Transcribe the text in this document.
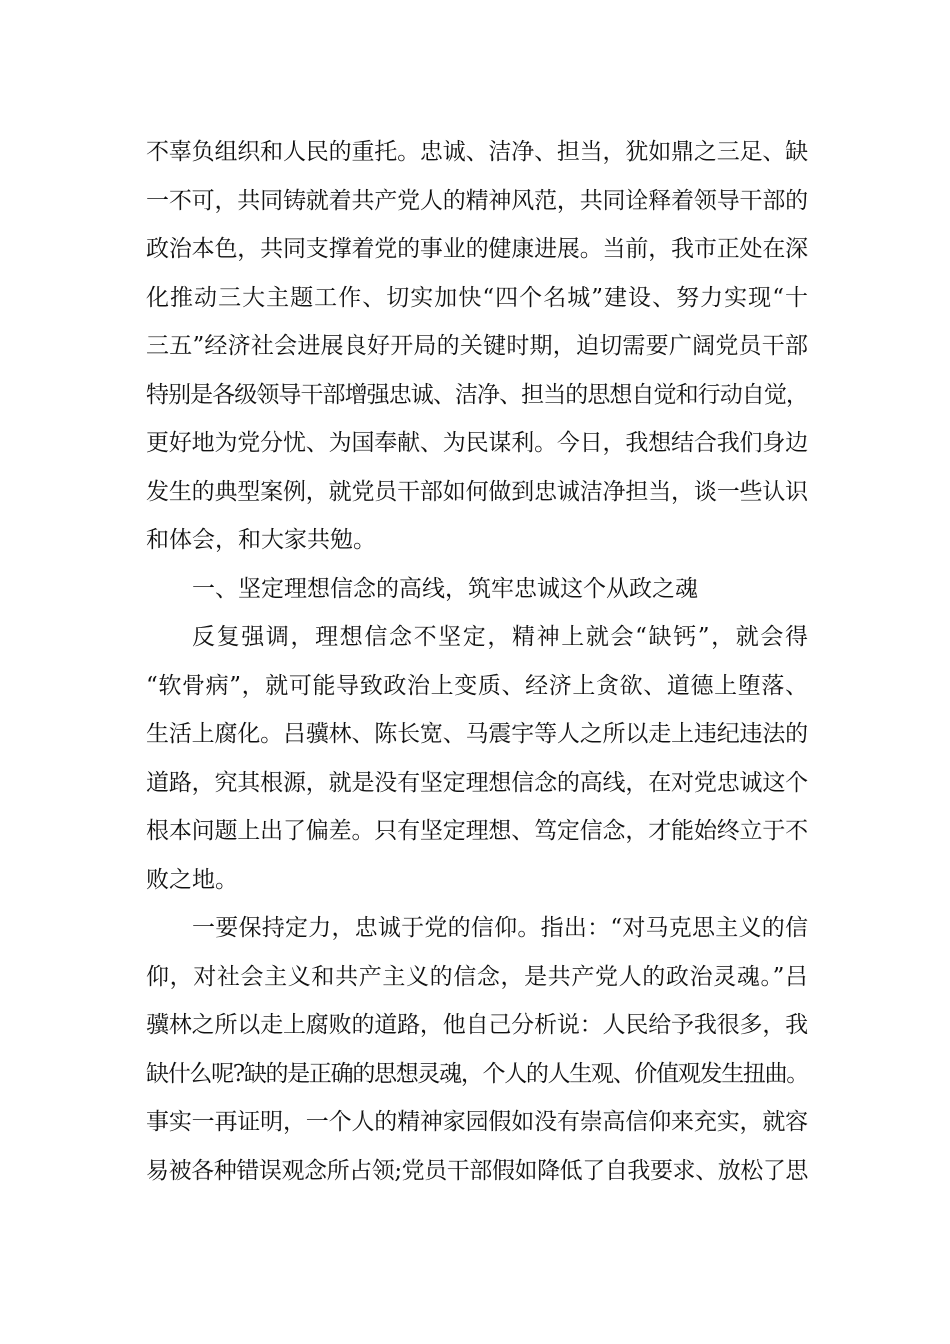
不辜负组织和人民的重托。忠诚、洁净、担当，犹如鼎之三足、缺
一不可，共同铸就着共产党人的精神风范，共同诠释着领导干部的
政治本色，共同支撑着党的事业的健康进展。当前，我市正处在深
化推动三大主题工作、切实加快“四个名城”建设、努力实现“十
三五”经济社会进展良好开局的关键时期，迫切需要广阔党员干部
特别是各级领导干部增强忠诚、洁净、担当的思想自觉和行动自觉，
更好地为党分忧、为国奉献、为民谋利。今日，我想结合我们身边
发生的典型案例，就党员干部如何做到忠诚洁净担当，谈一些认识
和体会，和大家共勉。
一、坚定理想信念的高线，筑牢忠诚这个从政之魂
反复强调，理想信念不坚定，精神上就会“缺钙”，就会得
“软骨病”，就可能导致政治上变质、经济上贪欲、道德上堕落、
生活上腐化。吕骥林、陈长宽、马震宇等人之所以走上违纪违法的
道路，究其根源，就是没有坚定理想信念的高线，在对党忠诚这个
根本问题上出了偏差。只有坚定理想、笃定信念，才能始终立于不
败之地。
一要保持定力，忠诚于党的信仰。指出：“对马克思主义的信
仰，对社会主义和共产主义的信念，是共产党人的政治灵魂。”吕
骥林之所以走上腐败的道路，他自己分析说：人民给予我很多，我
缺什么呢?缺的是正确的思想灵魂，个人的人生观、价值观发生扭曲。
事实一再证明，一个人的精神家园假如没有崇高信仰来充实，就容
易被各种错误观念所占领;党员干部假如降低了自我要求、放松了思
